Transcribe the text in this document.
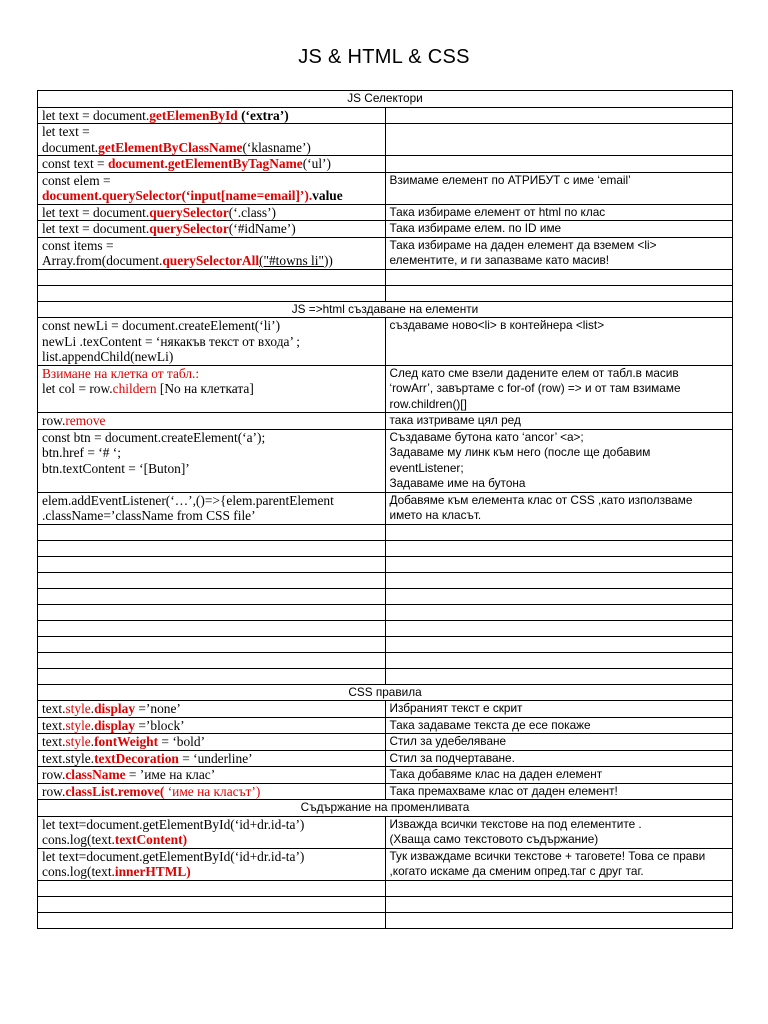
JS & HTML & CSS
JS Селектори	

let text = document.getElemenById (‘extra’)	

let text =
document.getElementByClassName(‘klasname’)	

const text = document.getElementByTagName(‘ul’)	

const elem =
document.querySelector(‘input[name=email]’).value	Взимаме елемент по АТРИБУТ с име ‘email’

let text = document.querySelector(‘.class’)	Така избираме елемент от html по клас

let text = document.querySelector(‘#idName’)	Така избираме елем. по ID име

const items =
Array.from(document.querySelectorAll("#towns li"))	Така избираме на даден елемент да вземем <li>
елементите, и ги запазваме като масив!

JS =>html създаване на елементи	

const newLi = document.createElement(‘li’)
newLi .texContent = ‘някакъв текст от входа’ ;
list.appendChild(newLi)	създаваме ново<li> в контейнера <list>

Взимане на клетка от табл.:
let col = row.childern [No на клетката]	След като сме взели дадените елем от табл.в масив
‘rowArr’, завъртаме с for-of (row) => и от там взимаме
row.children()[]

row.remove	така изтриваме цял ред

const btn = document.createElement(‘a’);
btn.href = ‘# ‘;
btn.textContent = ‘[Buton]’	Създаваме бутона като ‘ancor’ <a>;
Задаваме му линк към него (после ще добавим
eventListener;
Задаваме име на бутона

elem.addEventListener(‘…’,()=>{elem.parentElement
.className=’className from CSS file’	Добавяме към елемента клас от CSS ,като използваме
името на класът.

CSS правила	

text.style.display =’none’	Избраният текст е скрит

text.style.display =’block’	Така задаваме текста де есе покаже

text.style.fontWeight = ‘bold’	Стил за удебеляване

text.style.textDecoration = ‘underline’	Стил за подчертаване.

row.className = ’име на клас’	Така добавяме клас на даден елемент

row.classList.remove( ‘име на класът’)	Така премахваме клас от даден елемент!

Съдържание на променливата	

let text=document.getElementById(‘id+dr.id-ta’)
cons.log(text.textContent)	Изважда всички текстове на под елементите .
(Хваща само текстовото съдържание)

let text=document.getElementById(‘id+dr.id-ta’)
cons.log(text.innerHTML)	Тук изваждаме всички текстове + таговете! Това се прави
,когато искаме да сменим опред.таг с друг таг.
